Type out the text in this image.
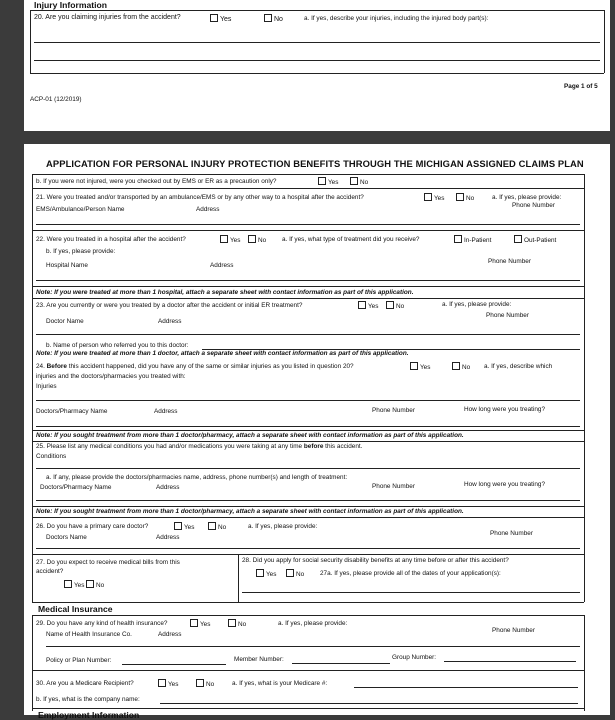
Injury Information
20. Are you claiming injuries from the accident?	Yes	No	a. If yes, describe your injuries, including the injured body part(s):
Page 1 of 5
ACP-01 (12/2019)
APPLICATION FOR PERSONAL INJURY PROTECTION BENEFITS THROUGH THE MICHIGAN ASSIGNED CLAIMS PLAN
b. If you were not injured, were you checked out by EMS or ER as a precaution only?	Yes	No
21. Were you treated and/or transported by an ambulance/EMS or by any other way to a hospital after the accident?	Yes	No	a. If yes, please provide:
Phone Number
EMS/Ambulance/Person Name	Address
22. Were you treated in a hospital after the accident?	Yes	No a. If yes, what type of treatment did you receive?	In-Patient	Out-Patient
b. If yes, please provide:
Phone Number
Hospital Name	Address
Note: If you were treated at more than 1 hospital, attach a separate sheet with contact information as part of this application.
23. Are you currently or were you treated by a doctor after the accident or initial ER treatment?	Yes	No	a. If yes, please provide:
Phone Number
Doctor Name	Address
b. Name of person who referred you to this doctor:
Note: If you were treated at more than 1 doctor, attach a separate sheet with contact information as part of this application.
24. Before this accident happened, did you have any of the same or similar injuries as you listed in question 20?	Yes	No a. If yes, describe which
injuries and the doctors/pharmacies you treated with:
Injuries
Doctors/Pharmacy Name	Address	Phone Number	How long were you treating?
Note: If you sought treatment from more than 1 doctor/pharmacy, attach a separate sheet with contact information as part of this application.
25. Please list any medical conditions you had and/or medications you were taking at any time before this accident.
Conditions
a. If any, please provide the doctors/pharmacies name, address, phone number(s) and length of treatment:
Doctors/Pharmacy Name	Address	Phone Number	How long were you treating?
Note: If you sought treatment from more than 1 doctor/pharmacy, attach a separate sheet with contact information as part of this application.
26. Do you have a primary care doctor?	Yes	No	a. If yes, please provide:
Phone Number
Doctors Name	Address
27. Do you expect to receive medical bills from this
accident?
Yes	No
28. Did you apply for social security disability benefits at any time before or after this accident?
Yes	No 27a. If yes, please provide all of the dates of your application(s):
Medical Insurance
29. Do you have any kind of health insurance?	Yes	No	a. If yes, please provide:
Phone Number
Name of Health Insurance Co.	Address
Policy or Plan Number:	Member Number:	Group Number:
30. Are you a Medicare Recipient?	Yes	No	a. If yes, what is your Medicare #:
b. If yes, what is the company name:
Employment Information
